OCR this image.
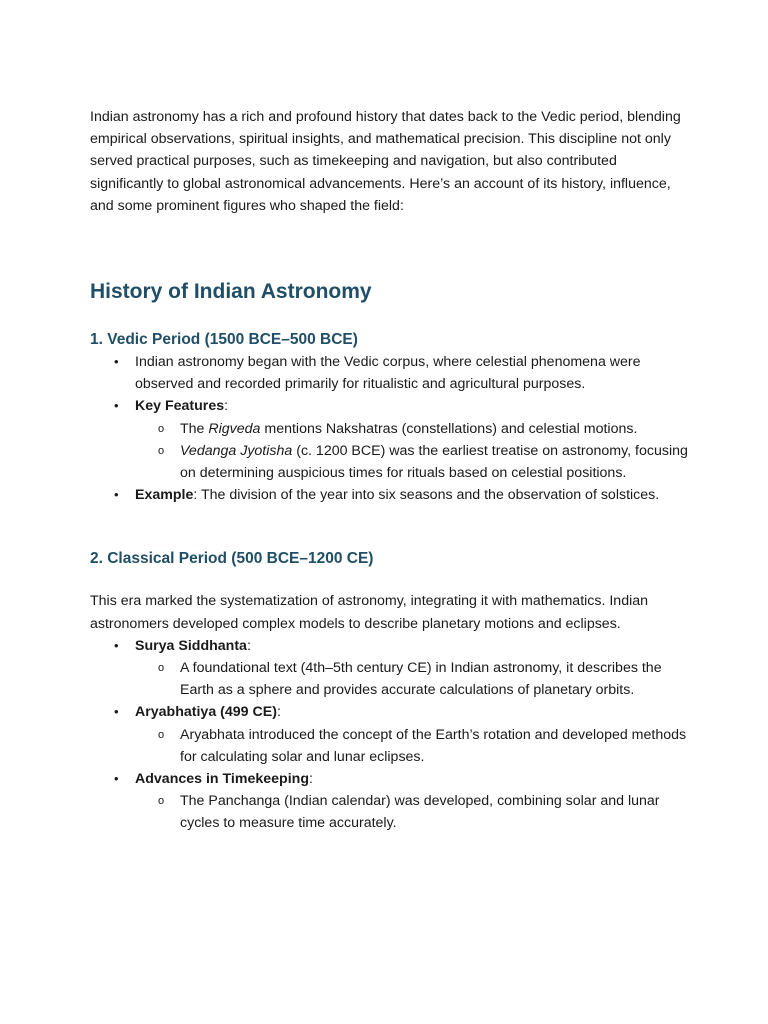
Indian astronomy has a rich and profound history that dates back to the Vedic period, blending empirical observations, spiritual insights, and mathematical precision. This discipline not only served practical purposes, such as timekeeping and navigation, but also contributed significantly to global astronomical advancements. Here’s an account of its history, influence, and some prominent figures who shaped the field:

History of Indian Astronomy
1. Vedic Period (1500 BCE–500 BCE)
• Indian astronomy began with the Vedic corpus, where celestial phenomena were observed and recorded primarily for ritualistic and agricultural purposes.
• Key Features:
o The Rigveda mentions Nakshatras (constellations) and celestial motions.
o Vedanga Jyotisha (c. 1200 BCE) was the earliest treatise on astronomy, focusing on determining auspicious times for rituals based on celestial positions.
• Example: The division of the year into six seasons and the observation of solstices.
2. Classical Period (500 BCE–1200 CE)

This era marked the systematization of astronomy, integrating it with mathematics. Indian astronomers developed complex models to describe planetary motions and eclipses.

• Surya Siddhanta:
o A foundational text (4th–5th century CE) in Indian astronomy, it describes the Earth as a sphere and provides accurate calculations of planetary orbits.
• Aryabhatiya (499 CE):
o Aryabhata introduced the concept of the Earth’s rotation and developed methods for calculating solar and lunar eclipses.
• Advances in Timekeeping:
o The Panchanga (Indian calendar) was developed, combining solar and lunar cycles to measure time accurately.
